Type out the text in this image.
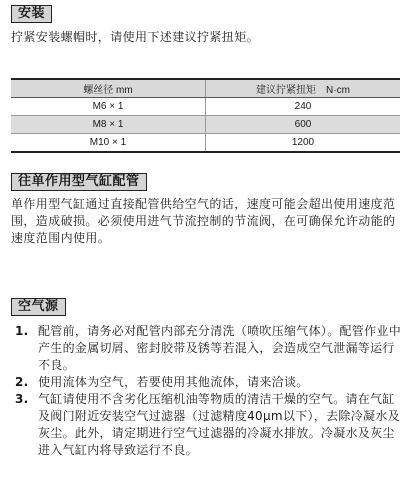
安装

拧紧安装螺帽时，请使用下述建议拧紧扭矩。

螺丝径 mm	建议拧紧扭矩　N·cm
M6 × 1	240
M8 × 1	600
M10 × 1	1200
往单作用型气缸配管

单作用型气缸通过直接配管供给空气的话，速度可能会超出使用速度范围，造成破损。必须使用进气节流控制的节流阀，在可确保允许动能的速度范围内使用。

空气源
1. 配管前，请务必对配管内部充分清洗（喷吹压缩气体）。配管作业中产生的金属切屑、密封胶带及锈等若混入，会造成空气泄漏等运行不良。
2. 使用流体为空气，若要使用其他流体，请来洽谈。
3. 气缸请使用不含劣化压缩机油等物质的清洁干燥的空气。请在气缸及阀门附近安装空气过滤器（过滤精度40μm以下），去除冷凝水及灰尘。此外，请定期进行空气过滤器的冷凝水排放。冷凝水及灰尘进入气缸内将导致运行不良。
